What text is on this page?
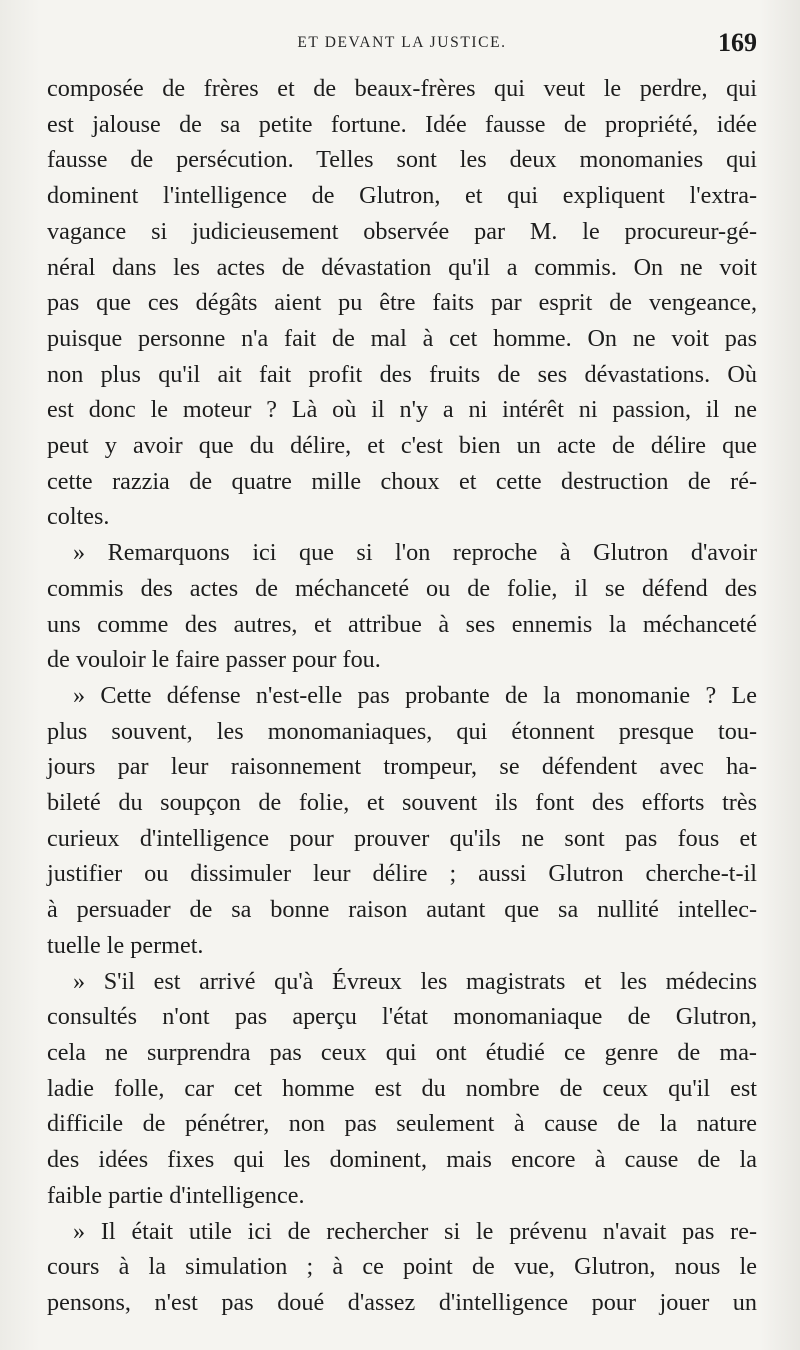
ET DEVANT LA JUSTICE.	169
composée de frères et de beaux-frères qui veut le perdre, qui
est jalouse de sa petite fortune. Idée fausse de propriété, idée
fausse de persécution. Telles sont les deux monomanies qui
dominent l'intelligence de Glutron, et qui expliquent l'extra-
vagance si judicieusement observée par M. le procureur-gé-
néral dans les actes de dévastation qu'il a commis. On ne voit
pas que ces dégâts aient pu être faits par esprit de vengeance,
puisque personne n'a fait de mal à cet homme. On ne voit pas
non plus qu'il ait fait profit des fruits de ses dévastations. Où
est donc le moteur ? Là où il n'y a ni intérêt ni passion, il ne
peut y avoir que du délire, et c'est bien un acte de délire que
cette razzia de quatre mille choux et cette destruction de ré-
coltes.
» Remarquons ici que si l'on reproche à Glutron d'avoir
commis des actes de méchanceté ou de folie, il se défend des
uns comme des autres, et attribue à ses ennemis la méchanceté
de vouloir le faire passer pour fou.
» Cette défense n'est-elle pas probante de la monomanie ? Le
plus souvent, les monomaniaques, qui étonnent presque tou-
jours par leur raisonnement trompeur, se défendent avec ha-
bileté du soupçon de folie, et souvent ils font des efforts très
curieux d'intelligence pour prouver qu'ils ne sont pas fous et
justifier ou dissimuler leur délire ; aussi Glutron cherche-t-il
à persuader de sa bonne raison autant que sa nullité intellec-
tuelle le permet.
» S'il est arrivé qu'à Évreux les magistrats et les médecins
consultés n'ont pas aperçu l'état monomaniaque de Glutron,
cela ne surprendra pas ceux qui ont étudié ce genre de ma-
ladie folle, car cet homme est du nombre de ceux qu'il est
difficile de pénétrer, non pas seulement à cause de la nature
des idées fixes qui les dominent, mais encore à cause de la
faible partie d'intelligence.
» Il était utile ici de rechercher si le prévenu n'avait pas re-
cours à la simulation ; à ce point de vue, Glutron, nous le
pensons, n'est pas doué d'assez d'intelligence pour jouer un
